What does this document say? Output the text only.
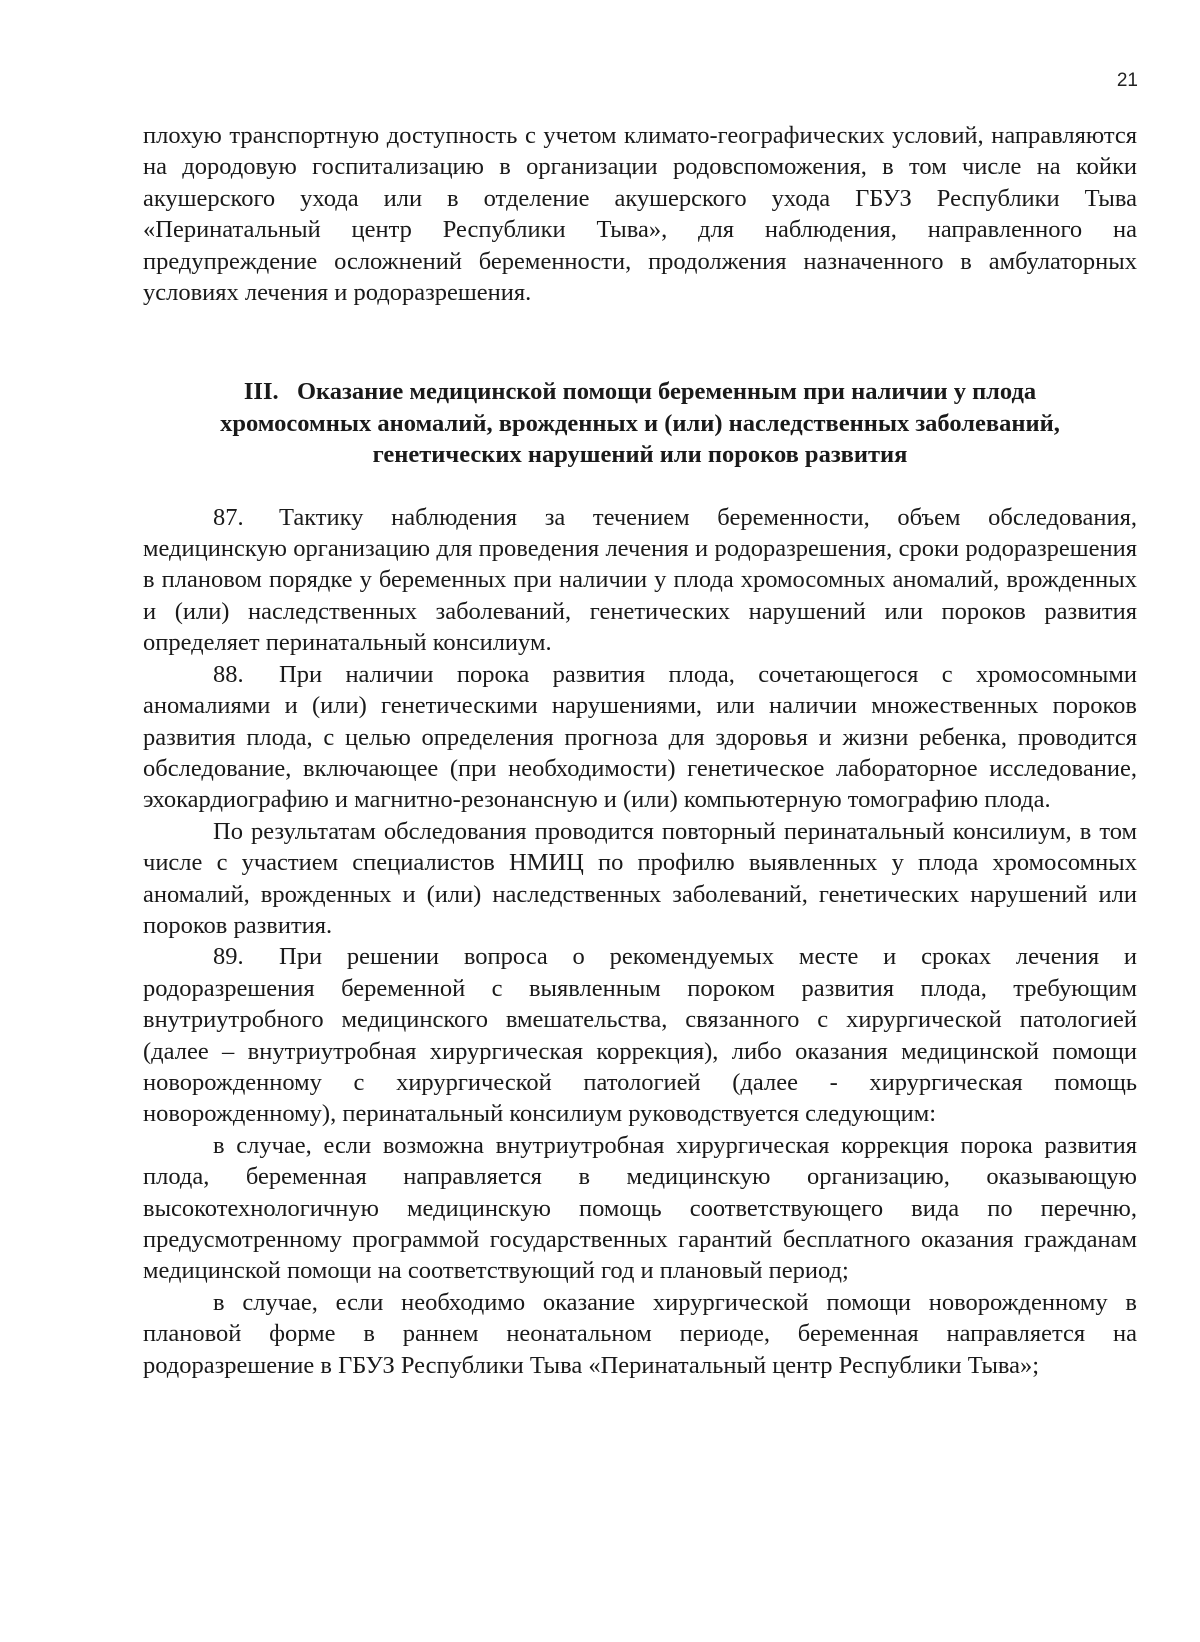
21

плохую транспортную доступность с учетом климато-географических условий, направляются на дородовую госпитализацию в организации родовспоможения, в том числе на койки акушерского ухода или в отделение акушерского ухода ГБУЗ Республики Тыва «Перинатальный центр Республики Тыва», для наблюдения, направленного на предупреждение осложнений беременности, продолжения назначенного в амбулаторных условиях лечения и родоразрешения.

III.   Оказание медицинской помощи беременным при наличии у плода
хромосомных аномалий, врожденных и (или) наследственных заболеваний,
генетических нарушений или пороков развития

87. Тактику наблюдения за течением беременности, объем обследования, медицинскую организацию для проведения лечения и родоразрешения, сроки родоразрешения в плановом порядке у беременных при наличии у плода хромосомных аномалий, врожденных и (или) наследственных заболеваний, генетических нарушений или пороков развития определяет перинатальный консилиум.

88. При наличии порока развития плода, сочетающегося с хромосомными аномалиями и (или) генетическими нарушениями, или наличии множественных пороков развития плода, с целью определения прогноза для здоровья и жизни ребенка, проводится обследование, включающее (при необходимости) генетическое лабораторное исследование, эхокардиографию и магнитно-резонансную и (или) компьютерную томографию плода.

По результатам обследования проводится повторный перинатальный консилиум, в том числе с участием специалистов НМИЦ по профилю выявленных у плода хромосомных аномалий, врожденных и (или) наследственных заболеваний, генетических нарушений или пороков развития.

89. При решении вопроса о рекомендуемых месте и сроках лечения и родоразрешения беременной с выявленным пороком развития плода, требующим внутриутробного медицинского вмешательства, связанного с хирургической патологией (далее – внутриутробная хирургическая коррекция), либо оказания медицинской помощи новорожденному с хирургической патологией (далее - хирургическая помощь новорожденному), перинатальный консилиум руководствуется следующим:

в случае, если возможна внутриутробная хирургическая коррекция порока развития плода, беременная направляется в медицинскую организацию, оказывающую высокотехнологичную медицинскую помощь соответствующего вида по перечню, предусмотренному программой государственных гарантий бесплатного оказания гражданам медицинской помощи на соответствующий год и плановый период;

в случае, если необходимо оказание хирургической помощи новорожденному в плановой форме в раннем неонатальном периоде, беременная направляется на родоразрешение в ГБУЗ Республики Тыва «Перинатальный центр Республики Тыва»;
